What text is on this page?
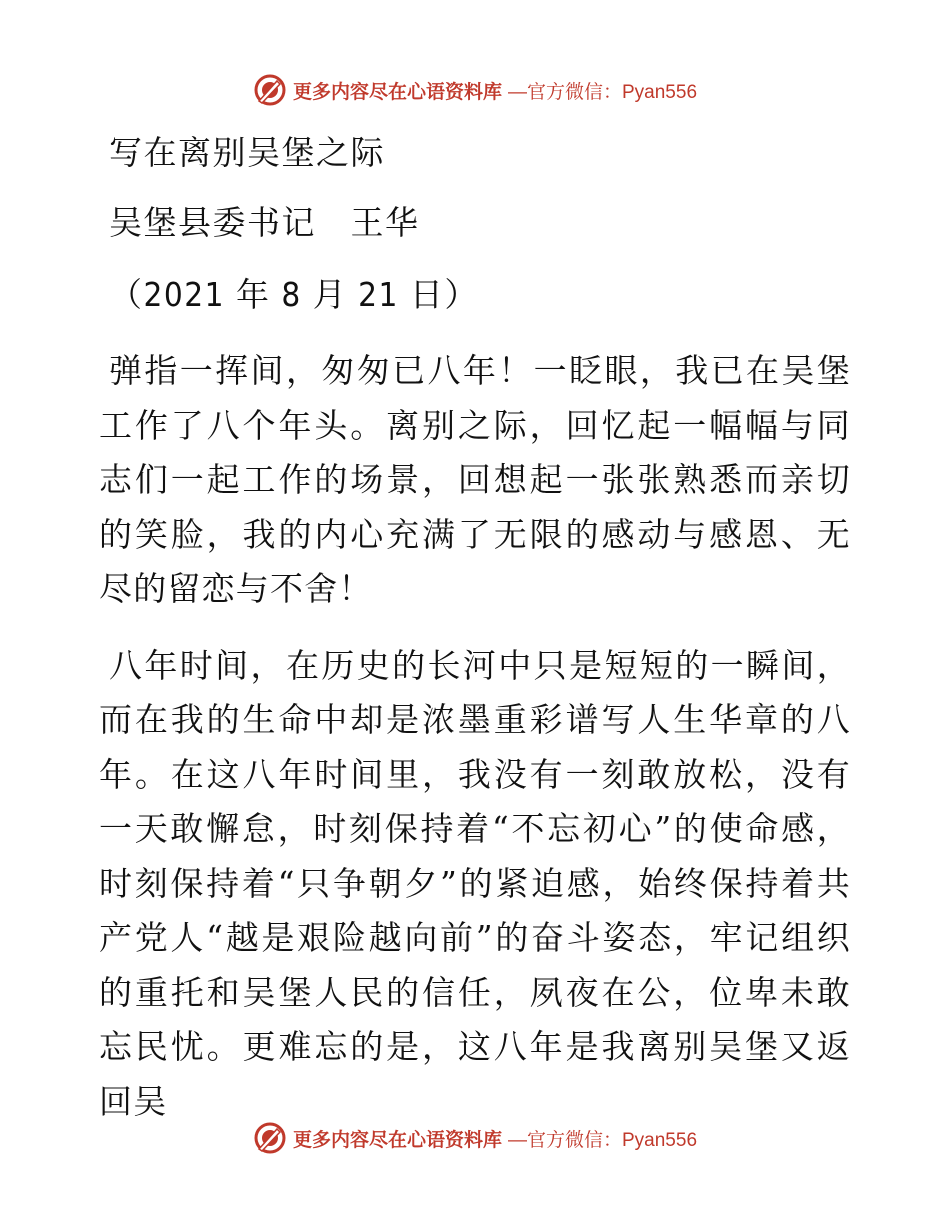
更多内容尽在心语资料库 —官方微信：Pyan556
写在离别吴堡之际
吴堡县委书记　王华
（2021 年 8 月 21 日）
弹指一挥间，匆匆已八年！一眨眼，我已在吴堡工作了八个年头。离别之际，回忆起一幅幅与同志们一起工作的场景，回想起一张张熟悉而亲切的笑脸，我的内心充满了无限的感动与感恩、无尽的留恋与不舍！
八年时间，在历史的长河中只是短短的一瞬间，而在我的生命中却是浓墨重彩谱写人生华章的八年。在这八年时间里，我没有一刻敢放松，没有一天敢懈怠，时刻保持着“不忘初心”的使命感，时刻保持着“只争朝夕”的紧迫感，始终保持着共产党人“越是艰险越向前”的奋斗姿态，牢记组织的重托和吴堡人民的信任，夙夜在公，位卑未敢忘民忧。更难忘的是，这八年是我离别吴堡又返回吴
更多内容尽在心语资料库 —官方微信：Pyan556
